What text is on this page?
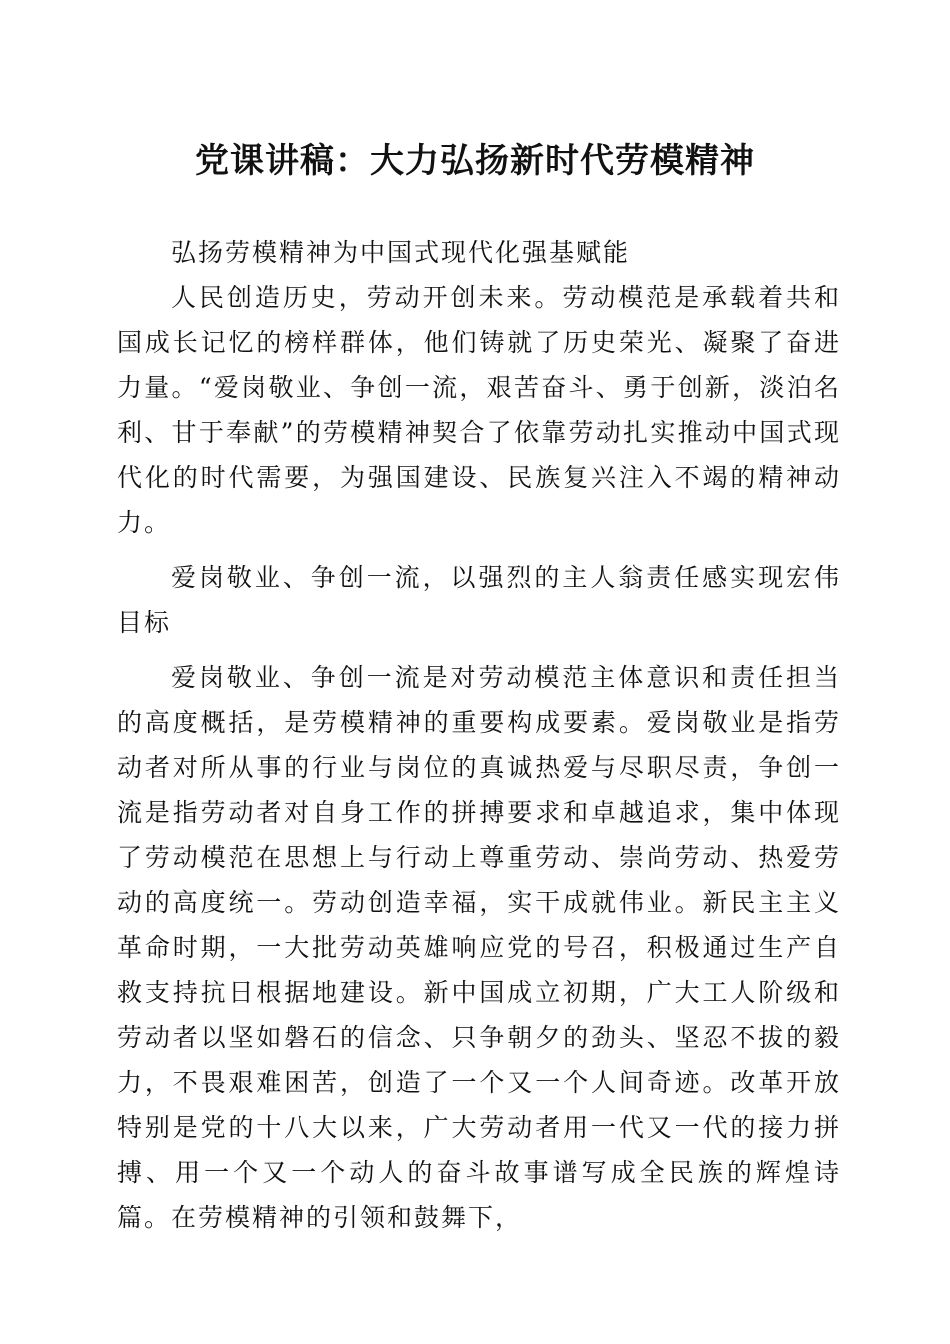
党课讲稿：大力弘扬新时代劳模精神

弘扬劳模精神为中国式现代化强基赋能

人民创造历史，劳动开创未来。劳动模范是承载着共和国成长记忆的榜样群体，他们铸就了历史荣光、凝聚了奋进力量。“爱岗敬业、争创一流，艰苦奋斗、勇于创新，淡泊名利、甘于奉献”的劳模精神契合了依靠劳动扎实推动中国式现代化的时代需要，为强国建设、民族复兴注入不竭的精神动力。

爱岗敬业、争创一流，以强烈的主人翁责任感实现宏伟目标

爱岗敬业、争创一流是对劳动模范主体意识和责任担当的高度概括，是劳模精神的重要构成要素。爱岗敬业是指劳动者对所从事的行业与岗位的真诚热爱与尽职尽责，争创一流是指劳动者对自身工作的拼搏要求和卓越追求，集中体现了劳动模范在思想上与行动上尊重劳动、崇尚劳动、热爱劳动的高度统一。劳动创造幸福，实干成就伟业。新民主主义革命时期，一大批劳动英雄响应党的号召，积极通过生产自救支持抗日根据地建设。新中国成立初期，广大工人阶级和劳动者以坚如磐石的信念、只争朝夕的劲头、坚忍不拔的毅力，不畏艰难困苦，创造了一个又一个人间奇迹。改革开放特别是党的十八大以来，广大劳动者用一代又一代的接力拼搏、用一个又一个动人的奋斗故事谱写成全民族的辉煌诗篇。在劳模精神的引领和鼓舞下，
